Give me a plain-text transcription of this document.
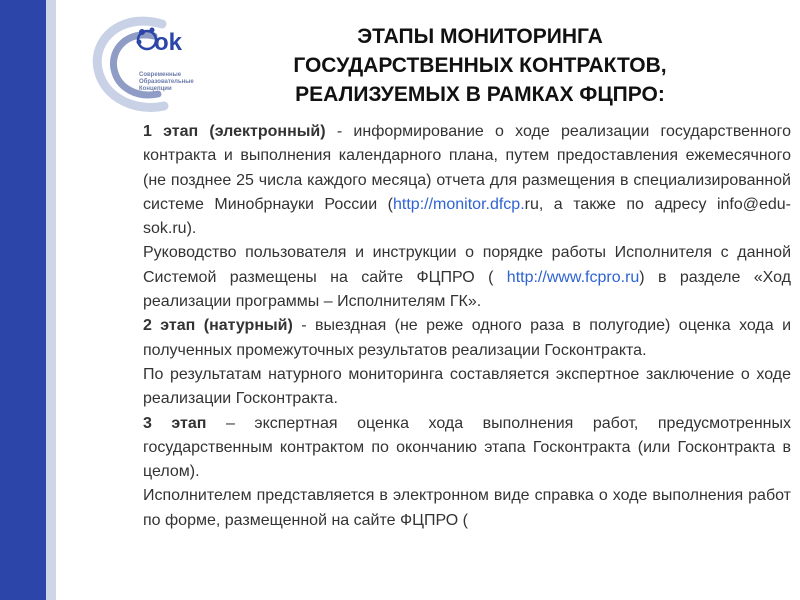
ok
Современные
Образовательные
Концепции
ЭТАПЫ МОНИТОРИНГА
ГОСУДАРСТВЕННЫХ КОНТРАКТОВ,
РЕАЛИЗУЕМЫХ В РАМКАХ ФЦПРО:

1 этап (электронный) - информирование о ходе реализации государственного контракта и выполнения календарного плана, путем предоставления ежемесячного (не позднее 25 числа каждого месяца) отчета для размещения в специализированной системе Минобрнауки России (http://monitor.dfcp.ru, а также по адресу info@edu-sok.ru).

Руководство пользователя и инструкции о порядке работы Исполнителя с данной Системой размещены на сайте ФЦПРО ( http://www.fcpro.ru) в разделе «Ход реализации программы – Исполнителям ГК».

2 этап (натурный) - выездная (не реже одного раза в полугодие) оценка хода и полученных промежуточных результатов реализации Госконтракта.

По результатам натурного мониторинга составляется экспертное заключение о ходе реализации Госконтракта.

3 этап – экспертная оценка хода выполнения работ, предусмотренных государственным контрактом по окончанию этапа Госконтракта (или Госконтракта в целом).

Исполнителем представляется в электронном виде справка о ходе выполнения работ по форме, размещенной на сайте ФЦПРО (
